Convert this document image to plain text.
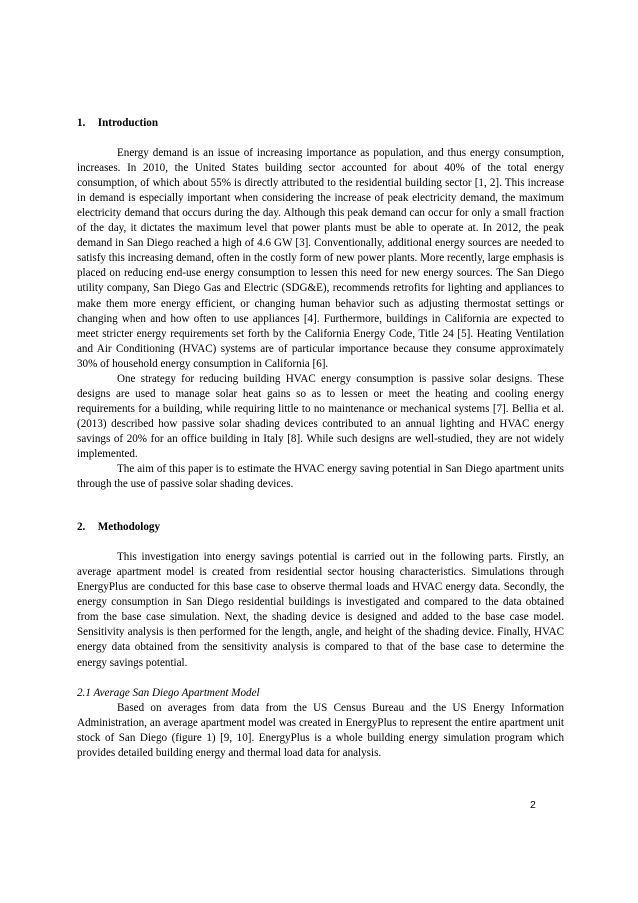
1. Introduction

Energy demand is an issue of increasing importance as population, and thus energy consumption, increases. In 2010, the United States building sector accounted for about 40% of the total energy consumption, of which about 55% is directly attributed to the residential building sector [1, 2]. This increase in demand is especially important when considering the increase of peak electricity demand, the maximum electricity demand that occurs during the day. Although this peak demand can occur for only a small fraction of the day, it dictates the maximum level that power plants must be able to operate at. In 2012, the peak demand in San Diego reached a high of 4.6 GW [3]. Conventionally, additional energy sources are needed to satisfy this increasing demand, often in the costly form of new power plants. More recently, large emphasis is placed on reducing end-use energy consumption to lessen this need for new energy sources. The San Diego utility company, San Diego Gas and Electric (SDG&E), recommends retrofits for lighting and appliances to make them more energy efficient, or changing human behavior such as adjusting thermostat settings or changing when and how often to use appliances [4]. Furthermore, buildings in California are expected to meet stricter energy requirements set forth by the California Energy Code, Title 24 [5]. Heating Ventilation and Air Conditioning (HVAC) systems are of particular importance because they consume approximately 30% of household energy consumption in California [6].

One strategy for reducing building HVAC energy consumption is passive solar designs. These designs are used to manage solar heat gains so as to lessen or meet the heating and cooling energy requirements for a building, while requiring little to no maintenance or mechanical systems [7]. Bellia et al. (2013) described how passive solar shading devices contributed to an annual lighting and HVAC energy savings of 20% for an office building in Italy [8]. While such designs are well-studied, they are not widely implemented.

The aim of this paper is to estimate the HVAC energy saving potential in San Diego apartment units through the use of passive solar shading devices.

2. Methodology

This investigation into energy savings potential is carried out in the following parts. Firstly, an average apartment model is created from residential sector housing characteristics. Simulations through EnergyPlus are conducted for this base case to observe thermal loads and HVAC energy data. Secondly, the energy consumption in San Diego residential buildings is investigated and compared to the data obtained from the base case simulation. Next, the shading device is designed and added to the base case model. Sensitivity analysis is then performed for the length, angle, and height of the shading device. Finally, HVAC energy data obtained from the sensitivity analysis is compared to that of the base case to determine the energy savings potential.

2.1 Average San Diego Apartment Model

Based on averages from data from the US Census Bureau and the US Energy Information Administration, an average apartment model was created in EnergyPlus to represent the entire apartment unit stock of San Diego (figure 1) [9, 10]. EnergyPlus is a whole building energy simulation program which provides detailed building energy and thermal load data for analysis.

2
